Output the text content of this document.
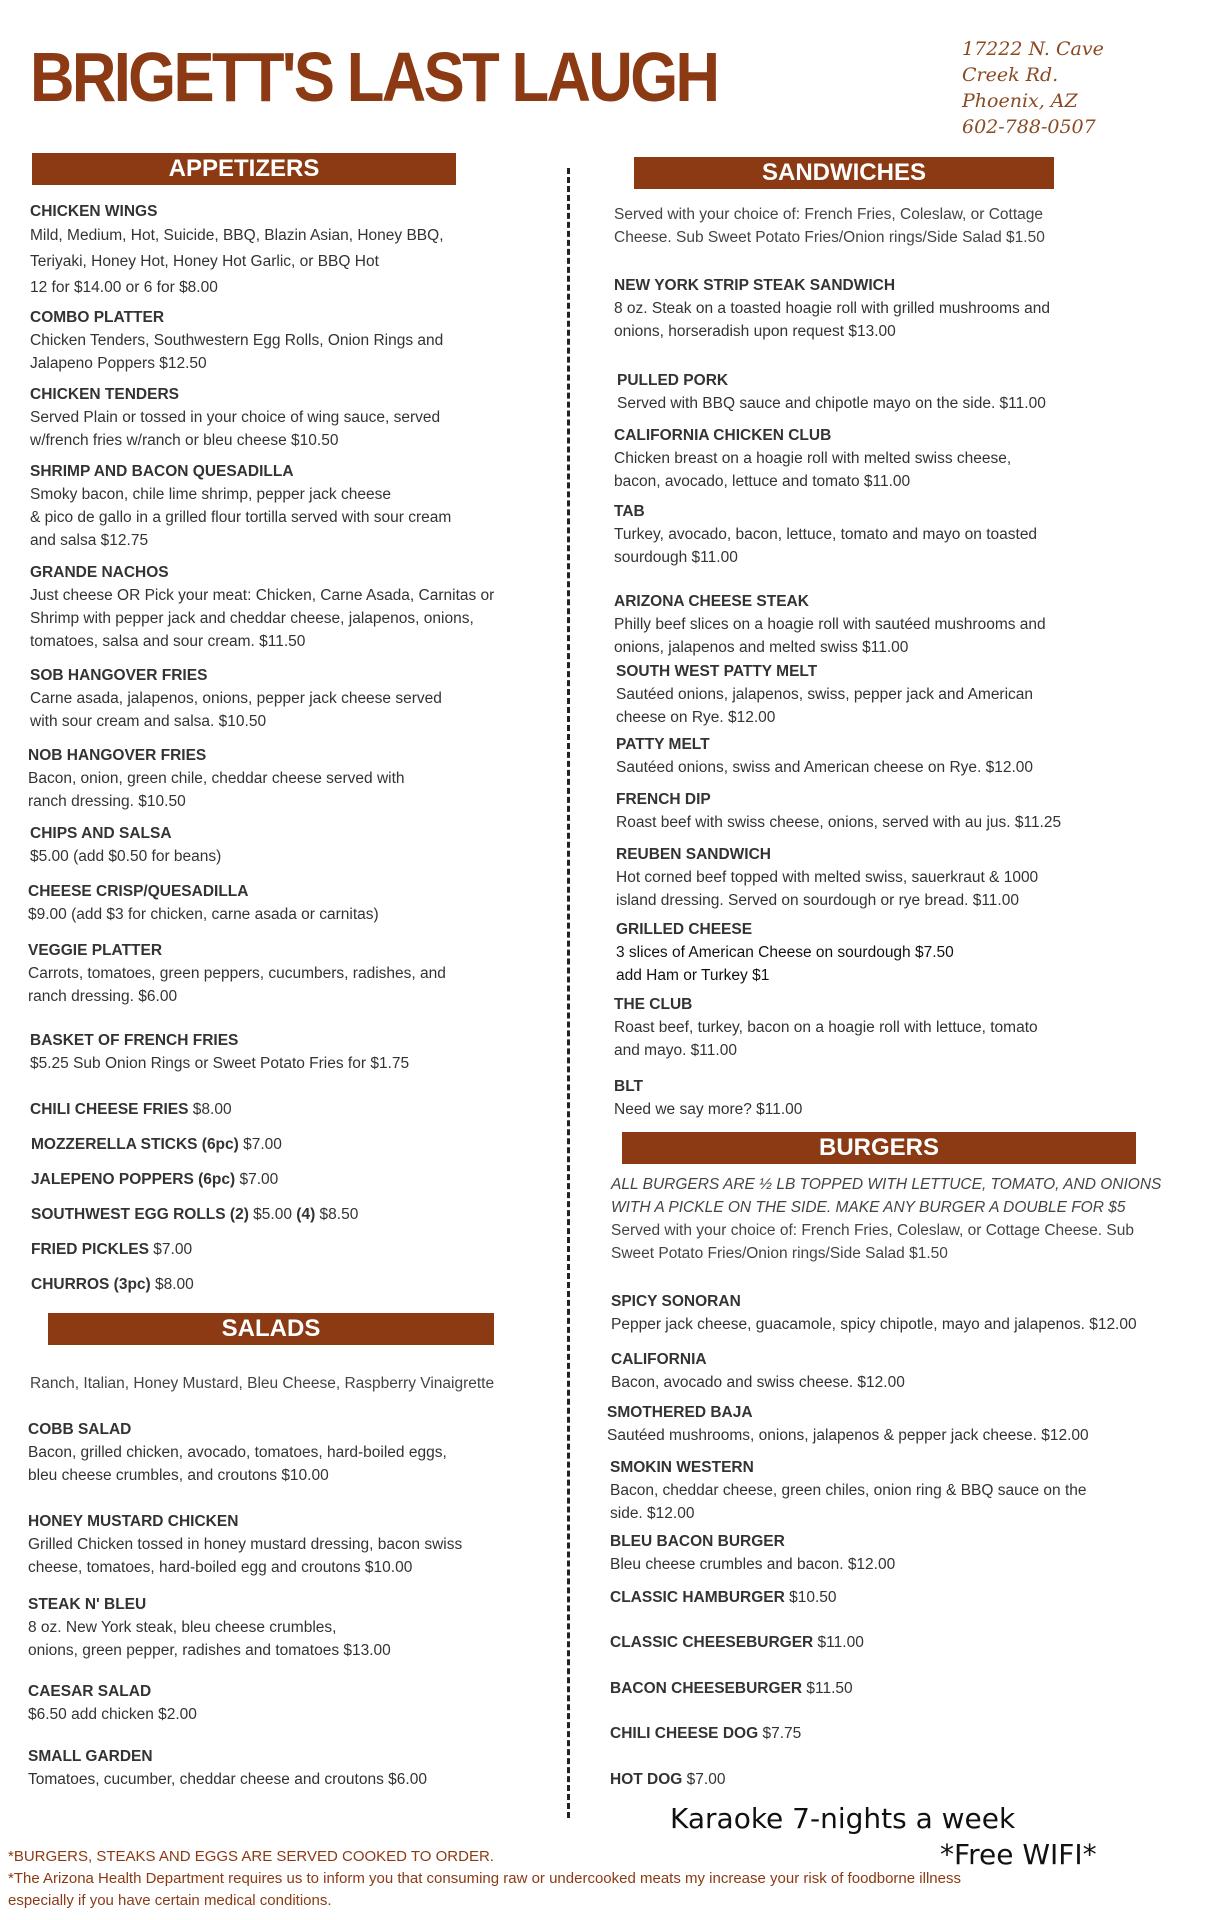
BRIGETT'S LAST LAUGH	17222 N. Cave
Creek Rd.
Phoenix, AZ
602-788-0507
APPETIZERS
CHICKEN WINGS
Mild, Medium, Hot, Suicide, BBQ, Blazin Asian, Honey BBQ,
Teriyaki, Honey Hot, Honey Hot Garlic, or BBQ Hot
12 for $14.00 or 6 for $8.00
COMBO PLATTER
Chicken Tenders, Southwestern Egg Rolls, Onion Rings and
Jalapeno Poppers $12.50
CHICKEN TENDERS
Served Plain or tossed in your choice of wing sauce, served
w/french fries w/ranch or bleu cheese $10.50
SHRIMP AND BACON QUESADILLA
Smoky bacon, chile lime shrimp, pepper jack cheese
& pico de gallo in a grilled flour tortilla served with sour cream
and salsa $12.75
GRANDE NACHOS
Just cheese OR Pick your meat: Chicken, Carne Asada, Carnitas or
Shrimp with pepper jack and cheddar cheese, jalapenos, onions,
tomatoes, salsa and sour cream. $11.50
SOB HANGOVER FRIES
Carne asada, jalapenos, onions, pepper jack cheese served
with sour cream and salsa. $10.50
NOB HANGOVER FRIES
Bacon, onion, green chile, cheddar cheese served with
ranch dressing. $10.50
CHIPS AND SALSA
$5.00 (add $0.50 for beans)
CHEESE CRISP/QUESADILLA
$9.00 (add $3 for chicken, carne asada or carnitas)
VEGGIE PLATTER
Carrots, tomatoes, green peppers, cucumbers, radishes, and
ranch dressing. $6.00
BASKET OF FRENCH FRIES
$5.25 Sub Onion Rings or Sweet Potato Fries for $1.75
CHILI CHEESE FRIES $8.00
MOZZERELLA STICKS (6pc) $7.00
JALEPENO POPPERS (6pc) $7.00
SOUTHWEST EGG ROLLS (2) $5.00 (4) $8.50
FRIED PICKLES $7.00
CHURROS (3pc) $8.00
SALADS
Ranch, Italian, Honey Mustard, Bleu Cheese, Raspberry Vinaigrette
COBB SALAD
Bacon, grilled chicken, avocado, tomatoes, hard-boiled eggs,
bleu cheese crumbles, and croutons $10.00
HONEY MUSTARD CHICKEN
Grilled Chicken tossed in honey mustard dressing, bacon swiss
cheese, tomatoes, hard-boiled egg and croutons $10.00
STEAK N' BLEU
8 oz. New York steak, bleu cheese crumbles,
onions, green pepper, radishes and tomatoes $13.00
CAESAR SALAD
$6.50 add chicken $2.00
SMALL GARDEN
Tomatoes, cucumber, cheddar cheese and croutons $6.00
SANDWICHES
Served with your choice of: French Fries, Coleslaw, or Cottage
Cheese. Sub Sweet Potato Fries/Onion rings/Side Salad $1.50
NEW YORK STRIP STEAK SANDWICH
8 oz. Steak on a toasted hoagie roll with grilled mushrooms and
onions, horseradish upon request $13.00
PULLED PORK
Served with BBQ sauce and chipotle mayo on the side. $11.00
CALIFORNIA CHICKEN CLUB
Chicken breast on a hoagie roll with melted swiss cheese,
bacon, avocado, lettuce and tomato $11.00
TAB
Turkey, avocado, bacon, lettuce, tomato and mayo on toasted
sourdough $11.00
ARIZONA CHEESE STEAK
Philly beef slices on a hoagie roll with sautéed mushrooms and
onions, jalapenos and melted swiss $11.00
SOUTH WEST PATTY MELT
Sautéed onions, jalapenos, swiss, pepper jack and American
cheese on Rye. $12.00
PATTY MELT
Sautéed onions, swiss and American cheese on Rye. $12.00
FRENCH DIP
Roast beef with swiss cheese, onions, served with au jus. $11.25
REUBEN SANDWICH
Hot corned beef topped with melted swiss, sauerkraut & 1000
island dressing. Served on sourdough or rye bread. $11.00
GRILLED CHEESE
3 slices of American Cheese on sourdough $7.50
add Ham or Turkey $1
THE CLUB
Roast beef, turkey, bacon on a hoagie roll with lettuce, tomato
and mayo. $11.00
BLT
Need we say more? $11.00
BURGERS
ALL BURGERS ARE ½ LB TOPPED WITH LETTUCE, TOMATO, AND ONIONS
WITH A PICKLE ON THE SIDE. MAKE ANY BURGER A DOUBLE FOR $5
Served with your choice of: French Fries, Coleslaw, or Cottage Cheese. Sub
Sweet Potato Fries/Onion rings/Side Salad $1.50
SPICY SONORAN
Pepper jack cheese, guacamole, spicy chipotle, mayo and jalapenos. $12.00
CALIFORNIA
Bacon, avocado and swiss cheese. $12.00
SMOTHERED BAJA
Sautéed mushrooms, onions, jalapenos & pepper jack cheese. $12.00
SMOKIN WESTERN
Bacon, cheddar cheese, green chiles, onion ring & BBQ sauce on the
side. $12.00
BLEU BACON BURGER
Bleu cheese crumbles and bacon. $12.00
CLASSIC HAMBURGER $10.50
CLASSIC CHEESEBURGER $11.00
BACON CHEESEBURGER $11.50
CHILI CHEESE DOG $7.75
HOT DOG $7.00
Karaoke 7-nights a week
*Free WIFI*
*BURGERS, STEAKS AND EGGS ARE SERVED COOKED TO ORDER.
*The Arizona Health Department requires us to inform you that consuming raw or undercooked meats my increase your risk of foodborne illness
especially if you have certain medical conditions.
